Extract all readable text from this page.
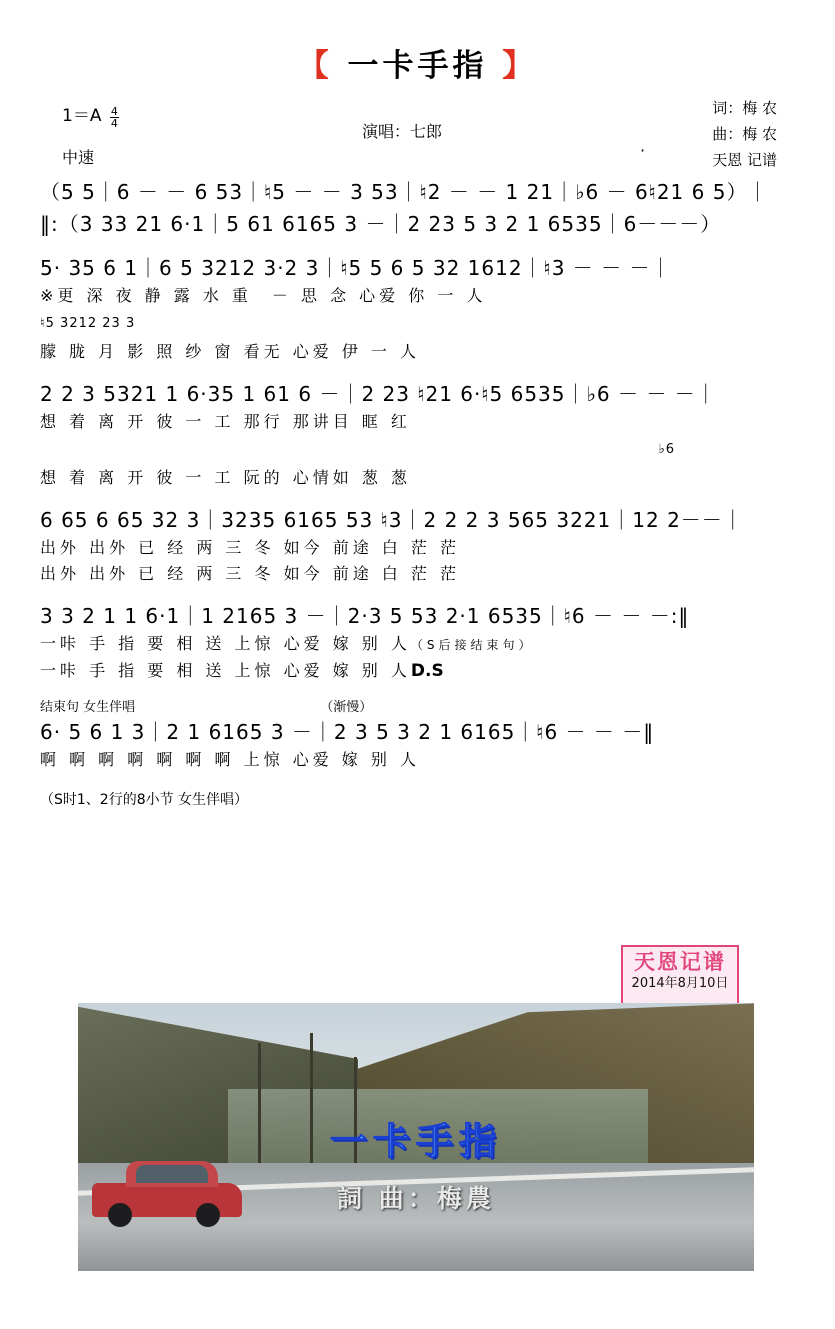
【 一卡手指 】
$1=A \frac{4}{4}$
中速
演唱：七郎
·
词：梅 农
曲：梅 农
天恩 记谱
（5 5｜6 － － 6 53｜♮5 － － 3 53｜♮2 － － 1 21｜♭6 － 6♮21 6 5）｜
‖:（3 33 21 6·1｜5 61 6165 3 －｜2 23 5 3 2 1 6535｜6－－－）
5· 35 6 1｜6 5 3212 3·2 3｜♮5 5 6 5 32 1612｜♮3 － － －｜
※更 深 夜 静 露 水 重　－ 思 念 心爱 你 一 人
♮5 3212 23 3
朦 胧 月 影 照 纱 窗 看无 心爱 伊 一 人
2 2 3 5321 1 6·35 1 61 6 －｜2 23 ♮21 6·♮5 6535｜♭6 － － －｜
想 着 离 开 彼 一 工 那行 那讲目 眶 红
♭6
想 着 离 开 彼 一 工 阮的 心情如 葱 葱
6 65 6 65 32 3｜3235 6165 53 ♮3｜2 2 2 3 565 3221｜12 2－－｜
出外 出外 已 经 两 三 冬 如今 前途 白 茫 茫
出外 出外 已 经 两 三 冬 如今 前途 白 茫 茫
3 3 2 1 1 6·1｜1 2165 3 －｜2·3 5 53 2·1 6535｜♮6 － － －:‖
一咔 手 指 要 相 送 上惊 心爱 嫁 别 人（S后接结束句）
一咔 手 指 要 相 送 上惊 心爱 嫁 别 人D.S
结束句 女生伴唱	（渐慢）
6· 5 6 1 3｜2 1 6165 3 －｜2 3 5 3 2 1 6165｜♮6 － － －‖
啊 啊 啊 啊 啊 啊 啊 上惊 心爱 嫁 别 人
（S时1、2行的8小节 女生伴唱）
天恩记谱
2014年8月10日
一卡手指
詞 曲：梅農
